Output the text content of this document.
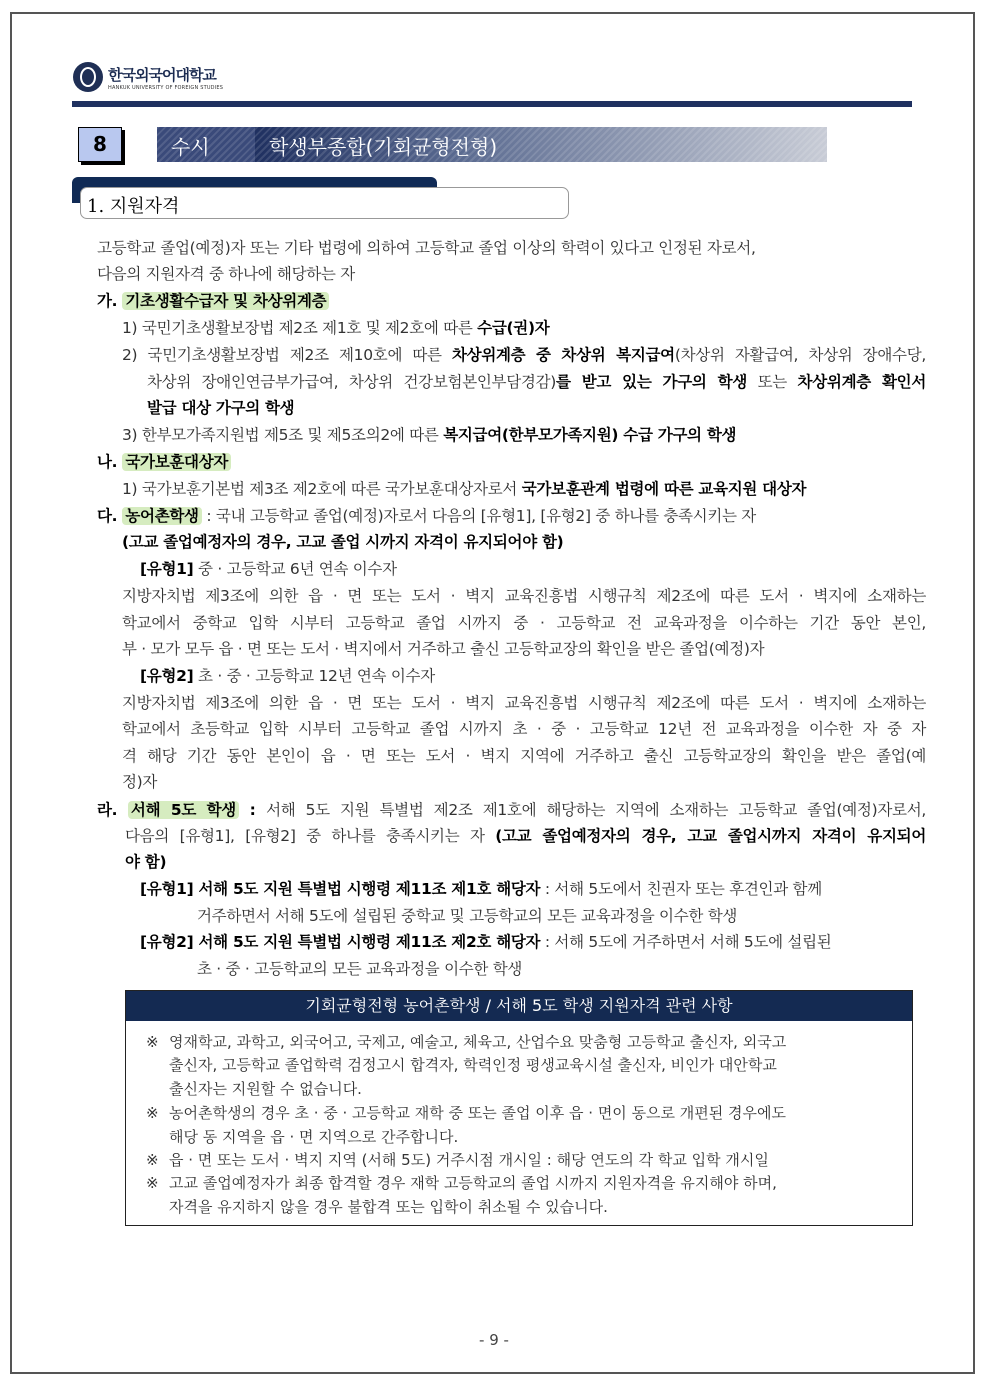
한국외국어대학교
HANKUK UNIVERSITY OF FOREIGN STUDIES
8	수시	학생부종합(기회균형전형)
1. 지원자격
고등학교 졸업(예정)자 또는 기타 법령에 의하여 고등학교 졸업 이상의 학력이 있다고 인정된 자로서,
다음의 지원자격 중 하나에 해당하는 자
가. 기초생활수급자 및 차상위계층
1) 국민기초생활보장법 제2조 제1호 및 제2호에 따른 수급(권)자
2) 국민기초생활보장법 제2조 제10호에 따른 차상위계층 중 차상위 복지급여(차상위 자활급여, 차상위 장애수당,
차상위 장애인연금부가급여, 차상위 건강보험본인부담경감)를 받고 있는 가구의 학생 또는 차상위계층 확인서
발급 대상 가구의 학생
3) 한부모가족지원법 제5조 및 제5조의2에 따른 복지급여(한부모가족지원) 수급 가구의 학생
나. 국가보훈대상자
1) 국가보훈기본법 제3조 제2호에 따른 국가보훈대상자로서 국가보훈관계 법령에 따른 교육지원 대상자
다. 농어촌학생 : 국내 고등학교 졸업(예정)자로서 다음의 [유형1], [유형2] 중 하나를 충족시키는 자
(고교 졸업예정자의 경우, 고교 졸업 시까지 자격이 유지되어야 함)
[유형1] 중 · 고등학교 6년 연속 이수자
지방자치법 제3조에 의한 읍 · 면 또는 도서 · 벽지 교육진흥법 시행규칙 제2조에 따른 도서 · 벽지에 소재하는
학교에서 중학교 입학 시부터 고등학교 졸업 시까지 중 · 고등학교 전 교육과정을 이수하는 기간 동안 본인,
부 · 모가 모두 읍 · 면 또는 도서 · 벽지에서 거주하고 출신 고등학교장의 확인을 받은 졸업(예정)자
[유형2] 초 · 중 · 고등학교 12년 연속 이수자
지방자치법 제3조에 의한 읍 · 면 또는 도서 · 벽지 교육진흥법 시행규칙 제2조에 따른 도서 · 벽지에 소재하는
학교에서 초등학교 입학 시부터 고등학교 졸업 시까지 초 · 중 · 고등학교 12년 전 교육과정을 이수한 자 중 자
격 해당 기간 동안 본인이 읍 · 면 또는 도서 · 벽지 지역에 거주하고 출신 고등학교장의 확인을 받은 졸업(예
정)자
라. 서해 5도 학생 : 서해 5도 지원 특별법 제2조 제1호에 해당하는 지역에 소재하는 고등학교 졸업(예정)자로서,
다음의 [유형1], [유형2] 중 하나를 충족시키는 자 (고교 졸업예정자의 경우, 고교 졸업시까지 자격이 유지되어
야 함)
[유형1] 서해 5도 지원 특별법 시행령 제11조 제1호 해당자 : 서해 5도에서 친권자 또는 후견인과 함께
거주하면서 서해 5도에 설립된 중학교 및 고등학교의 모든 교육과정을 이수한 학생
[유형2] 서해 5도 지원 특별법 시행령 제11조 제2호 해당자 : 서해 5도에 거주하면서 서해 5도에 설립된
초 · 중 · 고등학교의 모든 교육과정을 이수한 학생
기회균형전형 농어촌학생 / 서해 5도 학생 지원자격 관련 사항
※ 영재학교, 과학고, 외국어고, 국제고, 예술고, 체육고, 산업수요 맞춤형 고등학교 출신자, 외국고
출신자, 고등학교 졸업학력 검정고시 합격자, 학력인정 평생교육시설 출신자, 비인가 대안학교
출신자는 지원할 수 없습니다.
※ 농어촌학생의 경우 초 · 중 · 고등학교 재학 중 또는 졸업 이후 읍 · 면이 동으로 개편된 경우에도
해당 동 지역을 읍 · 면 지역으로 간주합니다.
※ 읍 · 면 또는 도서 · 벽지 지역 (서해 5도) 거주시점 개시일 : 해당 연도의 각 학교 입학 개시일
※ 고교 졸업예정자가 최종 합격할 경우 재학 고등학교의 졸업 시까지 지원자격을 유지해야 하며,
자격을 유지하지 않을 경우 불합격 또는 입학이 취소될 수 있습니다.
- 9 -
